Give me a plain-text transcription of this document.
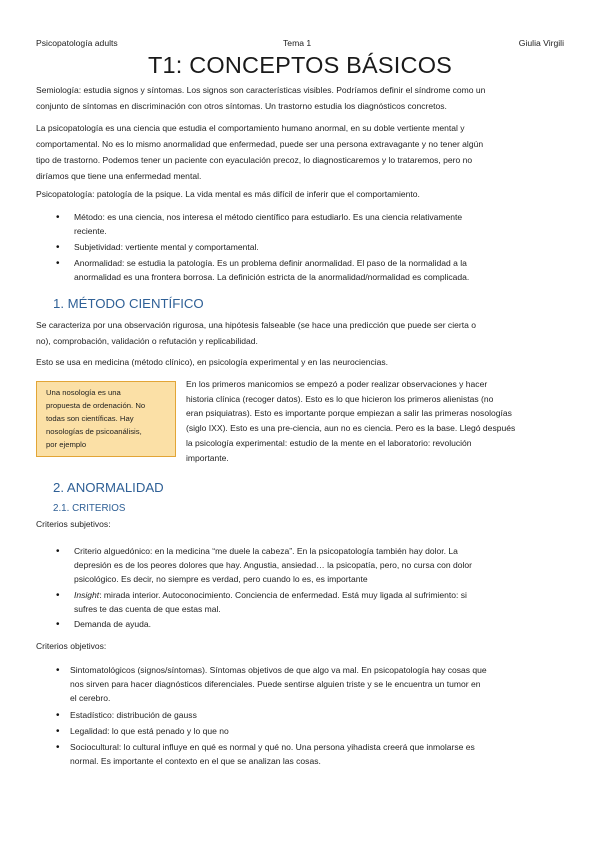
Psicopatología adults	Tema 1	Giulia Virgili
T1: CONCEPTOS BÁSICOS
Semiología: estudia signos y síntomas. Los signos son características visibles. Podríamos definir el síndrome como un
conjunto de síntomas en discriminación con otros síntomas. Un trastorno estudia los diagnósticos concretos.
La psicopatología es una ciencia que estudia el comportamiento humano anormal, en su doble vertiente mental y
comportamental. No es lo mismo anormalidad que enfermedad, puede ser una persona extravagante y no tener algún
tipo de trastorno. Podemos tener un paciente con eyaculación precoz, lo diagnosticaremos y lo trataremos, pero no
diríamos que tiene una enfermedad mental.
Psicopatología: patología de la psique. La vida mental es más difícil de inferir que el comportamiento.
• Método: es una ciencia, nos interesa el método científico para estudiarlo. Es una ciencia relativamente
reciente.
• Subjetividad: vertiente mental y comportamental.
• Anormalidad: se estudia la patología. Es un problema definir anormalidad. El paso de la normalidad a la
anormalidad es una frontera borrosa. La definición estricta de la anormalidad/normalidad es complicada.
1. MÉTODO CIENTÍFICO
Se caracteriza por una observación rigurosa, una hipótesis falseable (se hace una predicción que puede ser cierta o
no), comprobación, validación o refutación y replicabilidad.
Esto se usa en medicina (método clínico), en psicología experimental y en las neurociencias.
Una nosología es una
propuesta de ordenación. No
todas son científicas. Hay
nosologías de psicoanálisis,
por ejemplo
En los primeros manicomios se empezó a poder realizar observaciones y hacer
historia clínica (recoger datos). Esto es lo que hicieron los primeros alienistas (no
eran psiquiatras). Esto es importante porque empiezan a salir las primeras nosologías
(siglo IXX). Esto es una pre-ciencia, aun no es ciencia. Pero es la base. Llegó después
la psicología experimental: estudio de la mente en el laboratorio: revolución
importante.
2. ANORMALIDAD
2.1. CRITERIOS
Criterios subjetivos:
• Criterio alguedónico: en la medicina “me duele la cabeza”. En la psicopatología también hay dolor. La
depresión es de los peores dolores que hay. Angustia, ansiedad… la psicopatía, pero, no cursa con dolor
psicológico. Es decir, no siempre es verdad, pero cuando lo es, es importante
• Insight: mirada interior. Autoconocimiento. Conciencia de enfermedad. Está muy ligada al sufrimiento: si
sufres te das cuenta de que estas mal.
• Demanda de ayuda.
Criterios objetivos:
• Sintomatológicos (signos/síntomas). Síntomas objetivos de que algo va mal. En psicopatología hay cosas que
nos sirven para hacer diagnósticos diferenciales. Puede sentirse alguien triste y se le encuentra un tumor en
el cerebro.
• Estadístico: distribución de gauss
• Legalidad: lo que está penado y lo que no
• Sociocultural: lo cultural influye en qué es normal y qué no. Una persona yihadista creerá que inmolarse es
normal. Es importante el contexto en el que se analizan las cosas.
